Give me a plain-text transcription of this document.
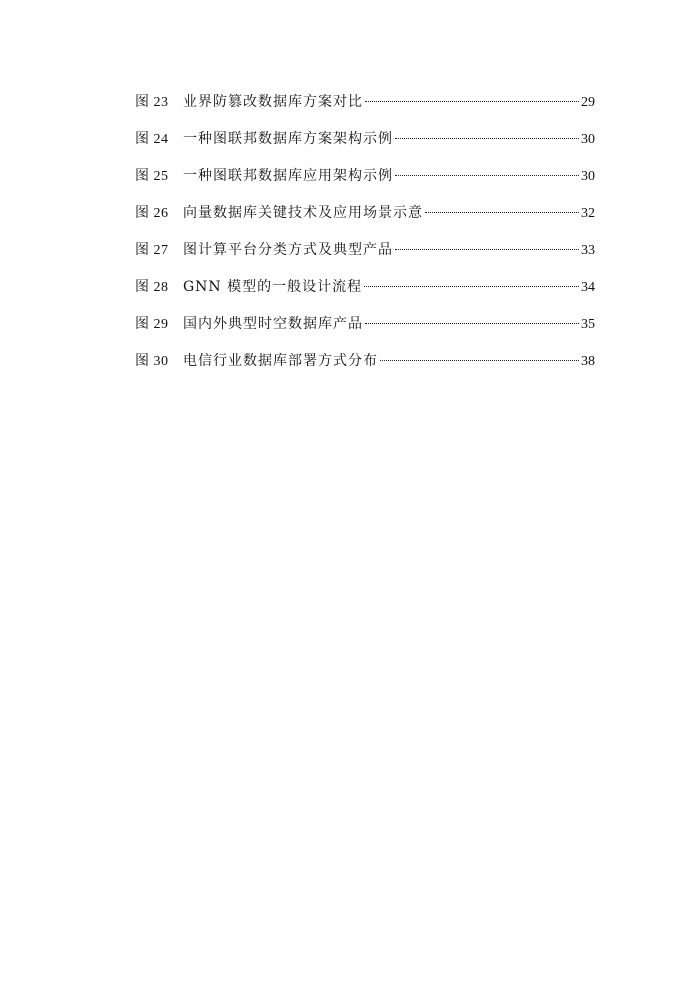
图 23	业界防篡改数据库方案对比	29
图 24	一种图联邦数据库方案架构示例	30
图 25	一种图联邦数据库应用架构示例	30
图 26	向量数据库关键技术及应用场景示意	32
图 27	图计算平台分类方式及典型产品	33
图 28	GNN 模型的一般设计流程	34
图 29	国内外典型时空数据库产品	35
图 30	电信行业数据库部署方式分布	38
